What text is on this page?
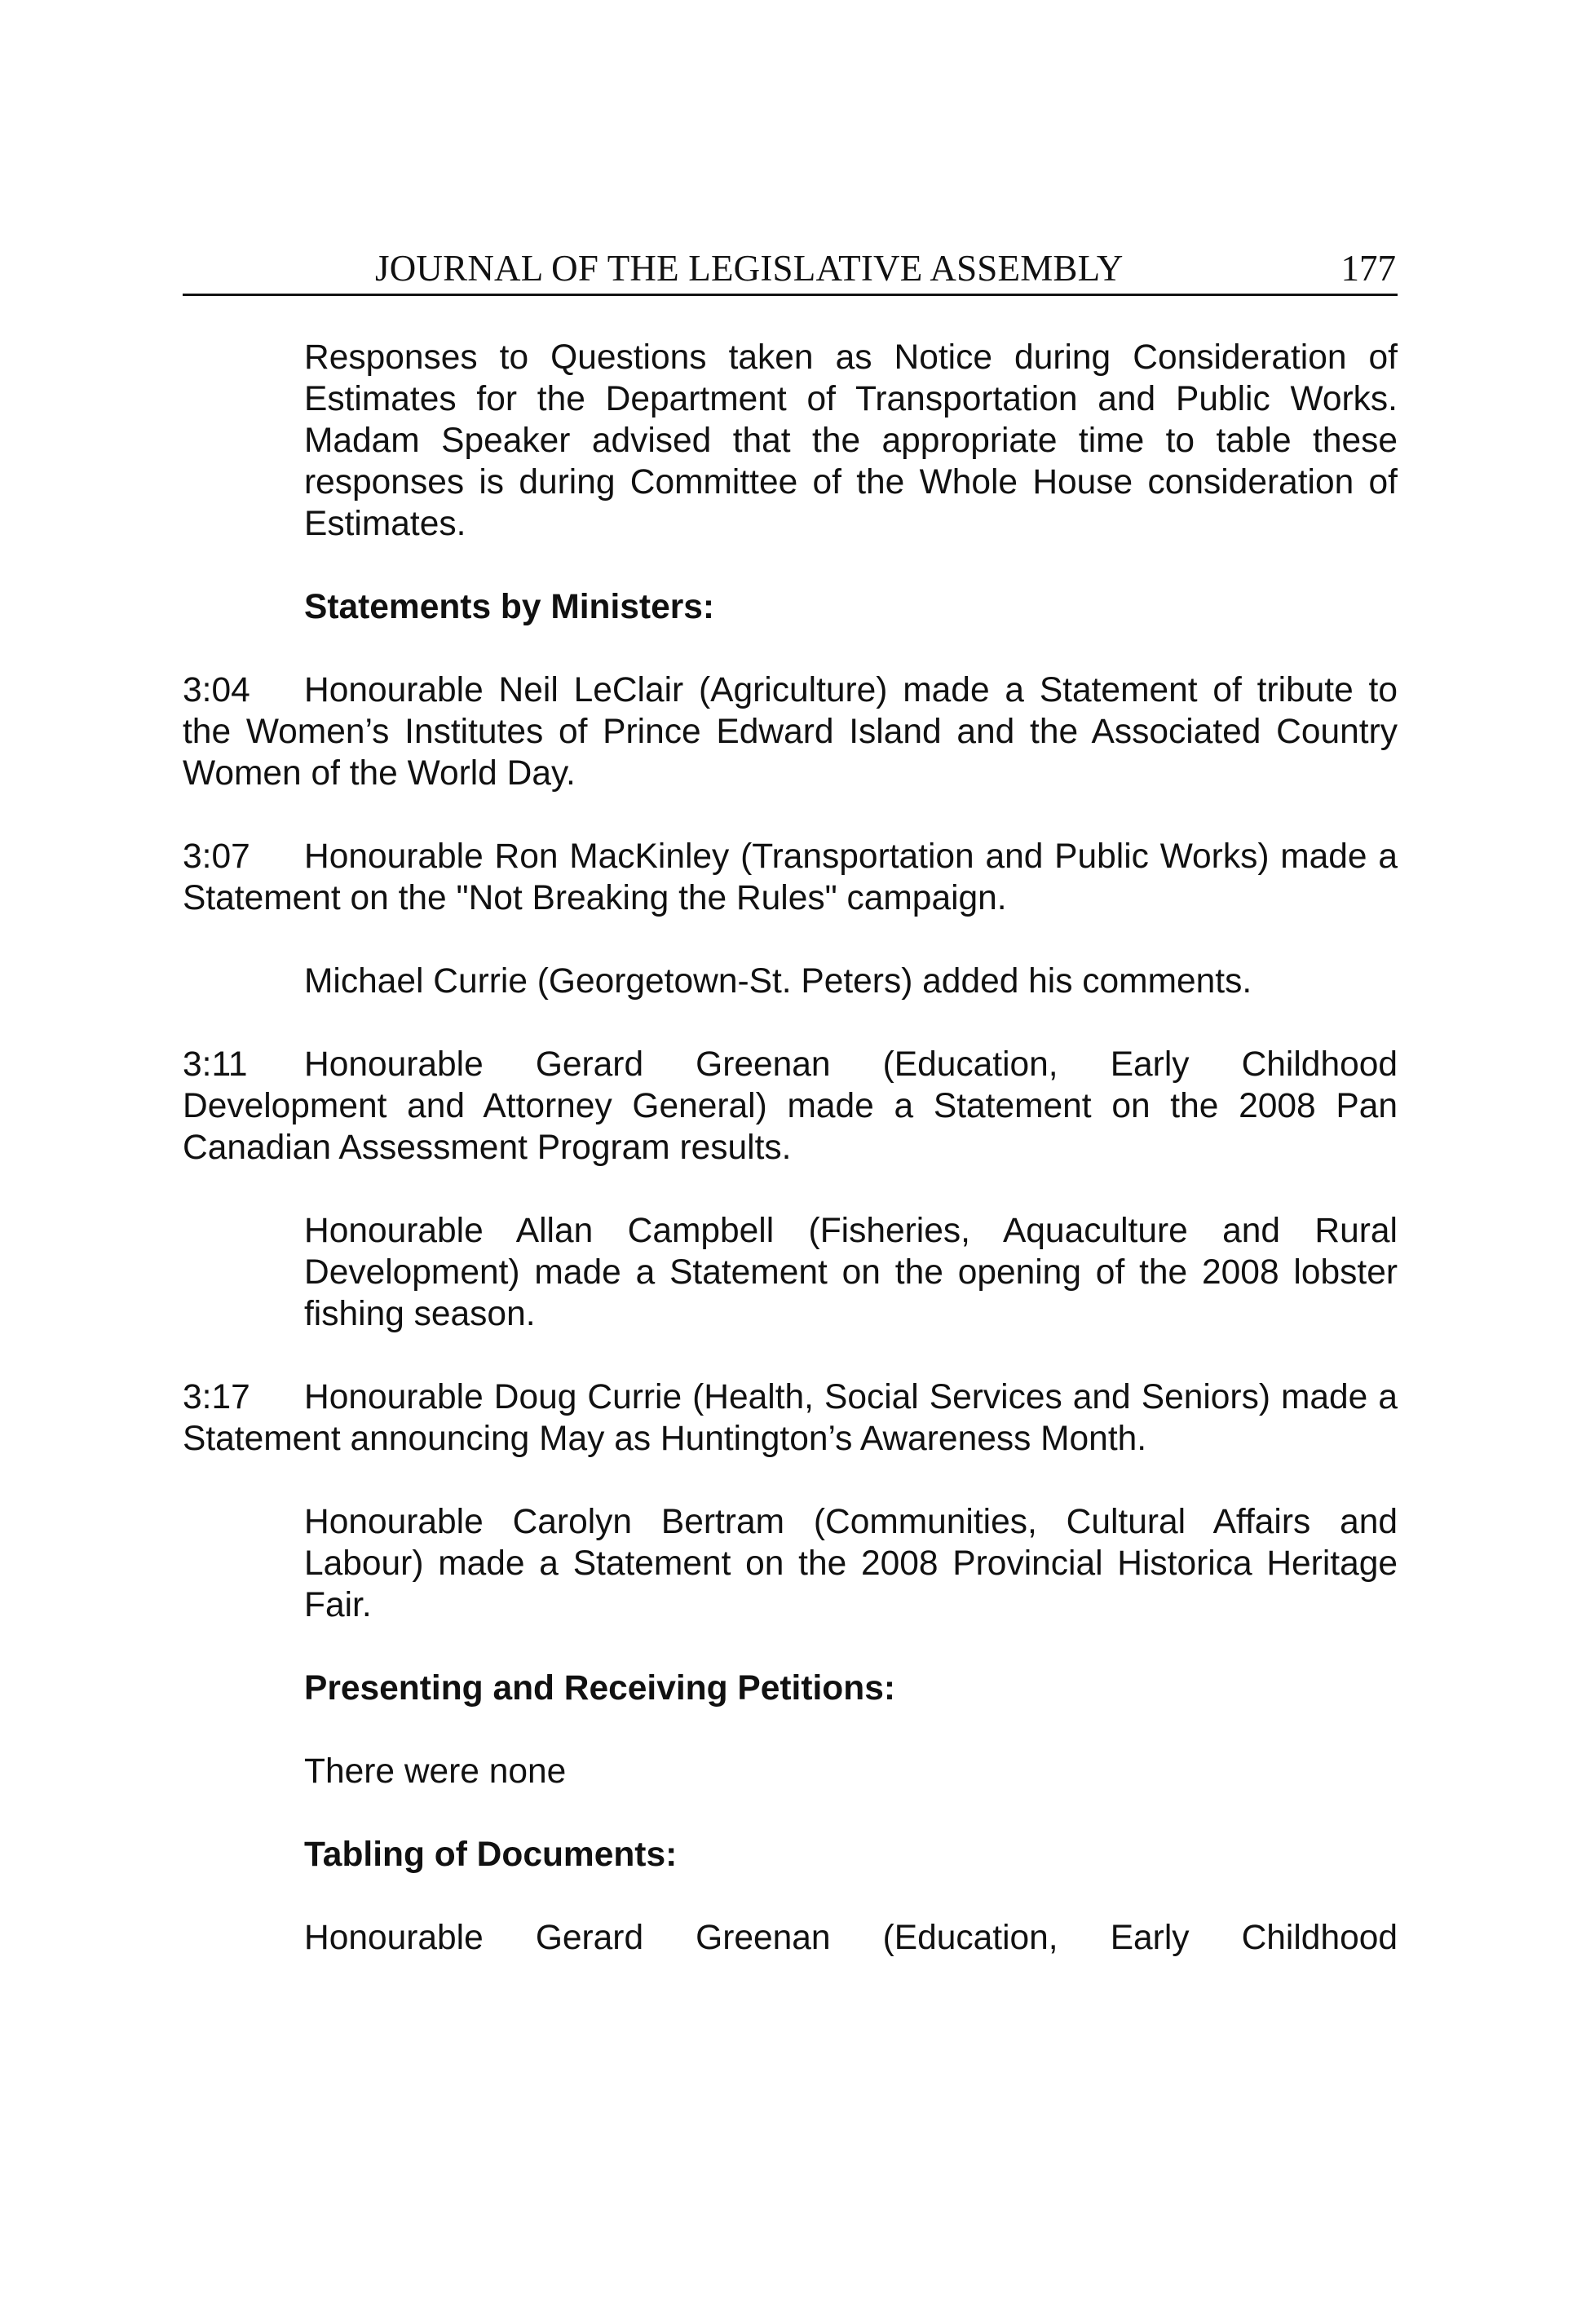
JOURNAL OF THE LEGISLATIVE ASSEMBLY	177

Responses to Questions taken as Notice during Consideration of Estimates for the Department of Transportation and Public Works. Madam Speaker advised that the appropriate time to table these responses is during Committee of the Whole House consideration of Estimates.

Statements by Ministers:

3:04 Honourable Neil LeClair (Agriculture) made a Statement of tribute to the Women’s Institutes of Prince Edward Island and the Associated Country Women of the World Day.

3:07 Honourable Ron MacKinley (Transportation and Public Works) made a Statement on the "Not Breaking the Rules" campaign.

Michael Currie (Georgetown-St. Peters) added his comments.

3:11 Honourable Gerard Greenan (Education, Early Childhood Development and Attorney General) made a Statement on the 2008 Pan Canadian Assessment Program results.

Honourable Allan Campbell (Fisheries, Aquaculture and Rural Development) made a Statement on the opening of the 2008 lobster fishing season.

3:17 Honourable Doug Currie (Health, Social Services and Seniors) made a Statement announcing May as Huntington’s Awareness Month.

Honourable Carolyn Bertram (Communities, Cultural Affairs and Labour) made a Statement on the 2008 Provincial Historica Heritage Fair.

Presenting and Receiving Petitions:

There were none

Tabling of Documents:

Honourable Gerard Greenan (Education, Early Childhood
